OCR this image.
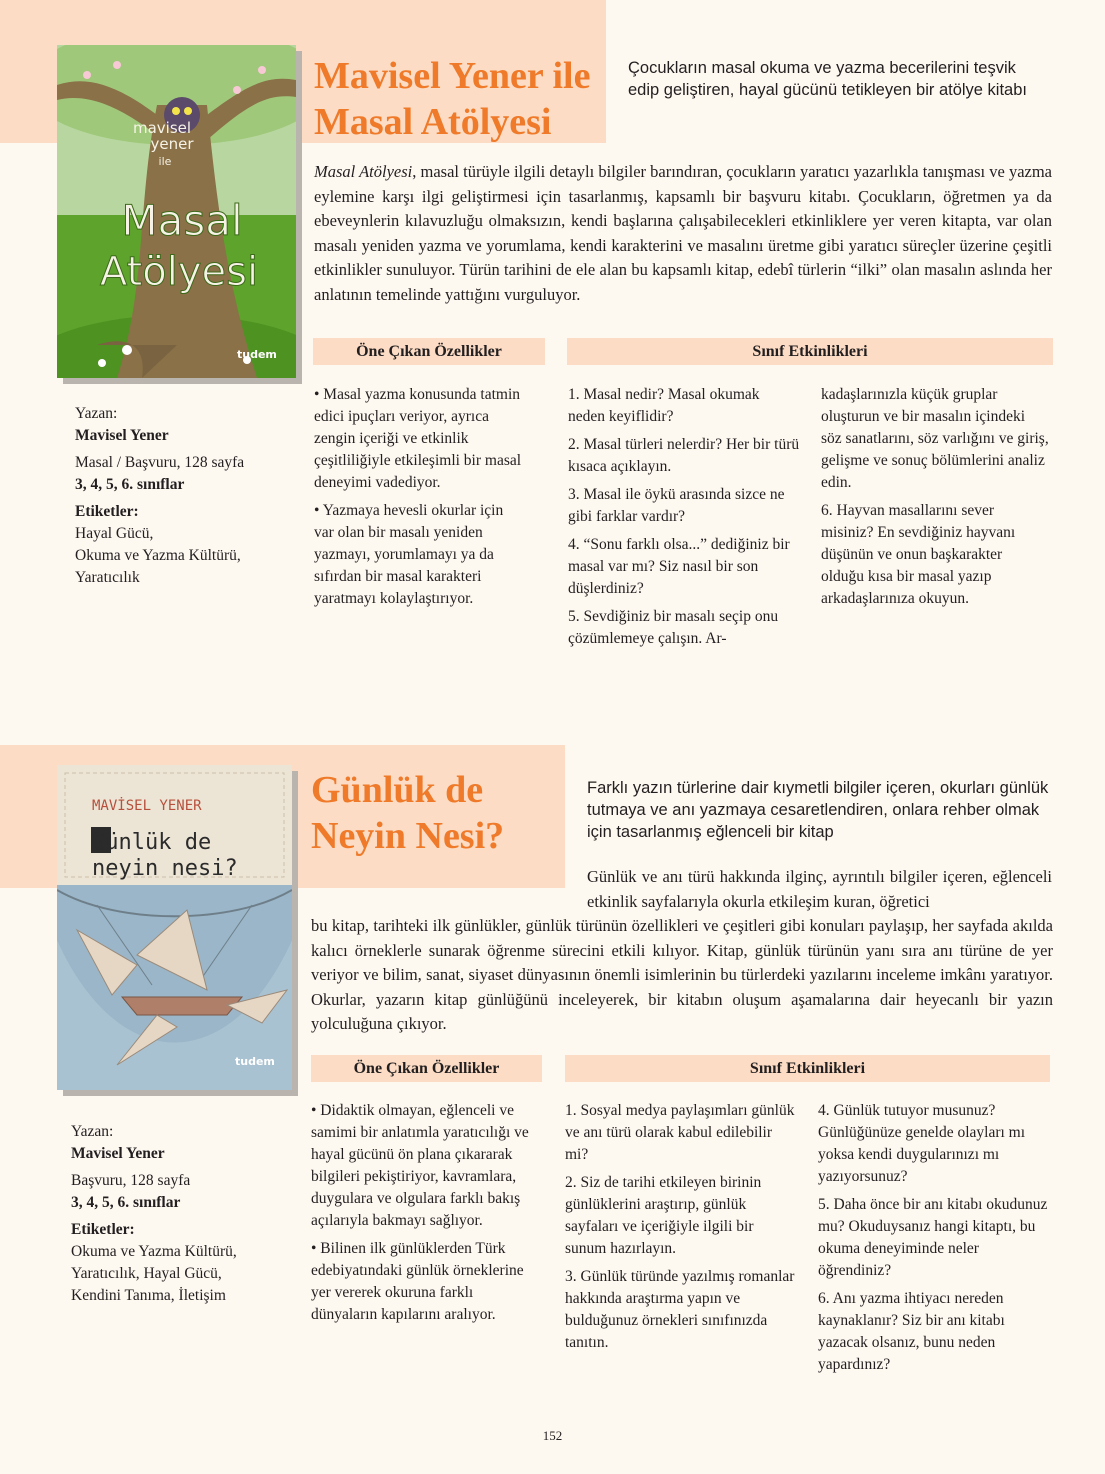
mavisel
yener
ile
Masal
Atölyesi
tudem
Mavisel Yener ile
Masal Atölyesi
Çocukların masal okuma ve yazma becerilerini teşvik edip geliştiren, hayal gücünü tetikleyen bir atölye kitabı

Masal Atölyesi, masal türüyle ilgili detaylı bilgiler barındıran, çocukların yaratıcı yazarlıkla tanışması ve yazma eylemine karşı ilgi geliştirmesi için tasarlanmış, kapsamlı bir başvuru kitabı. Çocukların, öğretmen ya da ebeveynlerin kılavuzluğu olmaksızın, kendi başlarına çalışabilecekleri etkinliklere yer veren kitapta, var olan masalı yeniden yazma ve yorumlama, kendi karakterini ve masalını üretme gibi yaratıcı süreçler üzerine çeşitli etkinlikler sunuluyor. Türün tarihini de ele alan bu kapsamlı kitap, edebî türlerin “ilki” olan masalın aslında her anlatının temelinde yattığını vurguluyor.

Öne Çıkan Özellikler	Sınıf Etkinlikleri
Yazan:
Mavisel Yener
Masal / Başvuru, 128 sayfa
3, 4, 5, 6. sınıflar
Etiketler:
Hayal Gücü,
Okuma ve Yazma Kültürü,
Yaratıcılık

• Masal yazma konusunda tatmin edici ipuçları veriyor, ayrıca zengin içeriği ve etkinlik çeşitliliğiyle etkileşimli bir masal deneyimi vadediyor.

• Yazmaya hevesli okurlar için var olan bir masalı yeniden yazmayı, yorumlamayı ya da sıfırdan bir masal karakteri yaratmayı kolaylaştırıyor.

1. Masal nedir? Masal okumak neden keyiflidir?

2. Masal türleri nelerdir? Her bir türü kısaca açıklayın.

3. Masal ile öykü arasında sizce ne gibi farklar vardır?

4. “Sonu farklı olsa...” dediğiniz bir masal var mı? Siz nasıl bir son düşlerdiniz?

5. Sevdiğiniz bir masalı seçip onu çözümlemeye çalışın. Ar-

kadaşlarınızla küçük gruplar oluşturun ve bir masalın içindeki söz sanatlarını, söz varlığını ve giriş, gelişme ve sonuç bölümlerini analiz edin.

6. Hayvan masallarını sever misiniz? En sevdiğiniz hayvanı düşünün ve onun başkarakter olduğu kısa bir masal yazıp arkadaşlarınıza okuyun.

MAVİSEL YENER
Günlük de
neyin nesi?
tudem
Günlük de
Neyin Nesi?
Farklı yazın türlerine dair kıymetli bilgiler içeren, okurları günlük tutmaya ve anı yazmaya cesaretlendiren, onlara rehber olmak için tasarlanmış eğlenceli bir kitap
Günlük ve anı türü hakkında ilginç, ayrıntılı bilgiler içeren, eğlenceli etkinlik sayfalarıyla okurla etkileşim kuran, öğretici
bu kitap, tarihteki ilk günlükler, günlük türünün özellikleri ve çeşitleri gibi konuları paylaşıp, her sayfada akılda kalıcı örneklerle sunarak öğrenme sürecini etkili kılıyor. Kitap, günlük türünün yanı sıra anı türüne de yer veriyor ve bilim, sanat, siyaset dünyasının önemli isimlerinin bu türlerdeki yazılarını inceleme imkânı yaratıyor. Okurlar, yazarın kitap günlüğünü inceleyerek, bir kitabın oluşum aşamalarına dair heyecanlı bir yazın yolculuğuna çıkıyor.
Öne Çıkan Özellikler	Sınıf Etkinlikleri
Yazan:
Mavisel Yener
Başvuru, 128 sayfa
3, 4, 5, 6. sınıflar
Etiketler:
Okuma ve Yazma Kültürü,
Yaratıcılık, Hayal Gücü,
Kendini Tanıma, İletişim

• Didaktik olmayan, eğlenceli ve samimi bir anlatımla yaratıcılığı ve hayal gücünü ön plana çıkararak bilgileri pekiştiriyor, kavramlara, duygulara ve olgulara farklı bakış açılarıyla bakmayı sağlıyor.

• Bilinen ilk günlüklerden Türk edebiyatındaki günlük örneklerine yer vererek okuruna farklı dünyaların kapılarını aralıyor.

1. Sosyal medya paylaşımları günlük ve anı türü olarak kabul edilebilir mi?

2. Siz de tarihi etkileyen birinin günlüklerini araştırıp, günlük sayfaları ve içeriğiyle ilgili bir sunum hazırlayın.

3. Günlük türünde yazılmış romanlar hakkında araştırma yapın ve bulduğunuz örnekleri sınıfınızda tanıtın.

4. Günlük tutuyor musunuz? Günlüğünüze genelde olayları mı yoksa kendi duygularınızı mı yazıyorsunuz?

5. Daha önce bir anı kitabı okudunuz mu? Okuduysanız hangi kitaptı, bu okuma deneyiminde neler öğrendiniz?

6. Anı yazma ihtiyacı nereden kaynaklanır? Siz bir anı kitabı yazacak olsanız, bunu neden yapardınız?

152
